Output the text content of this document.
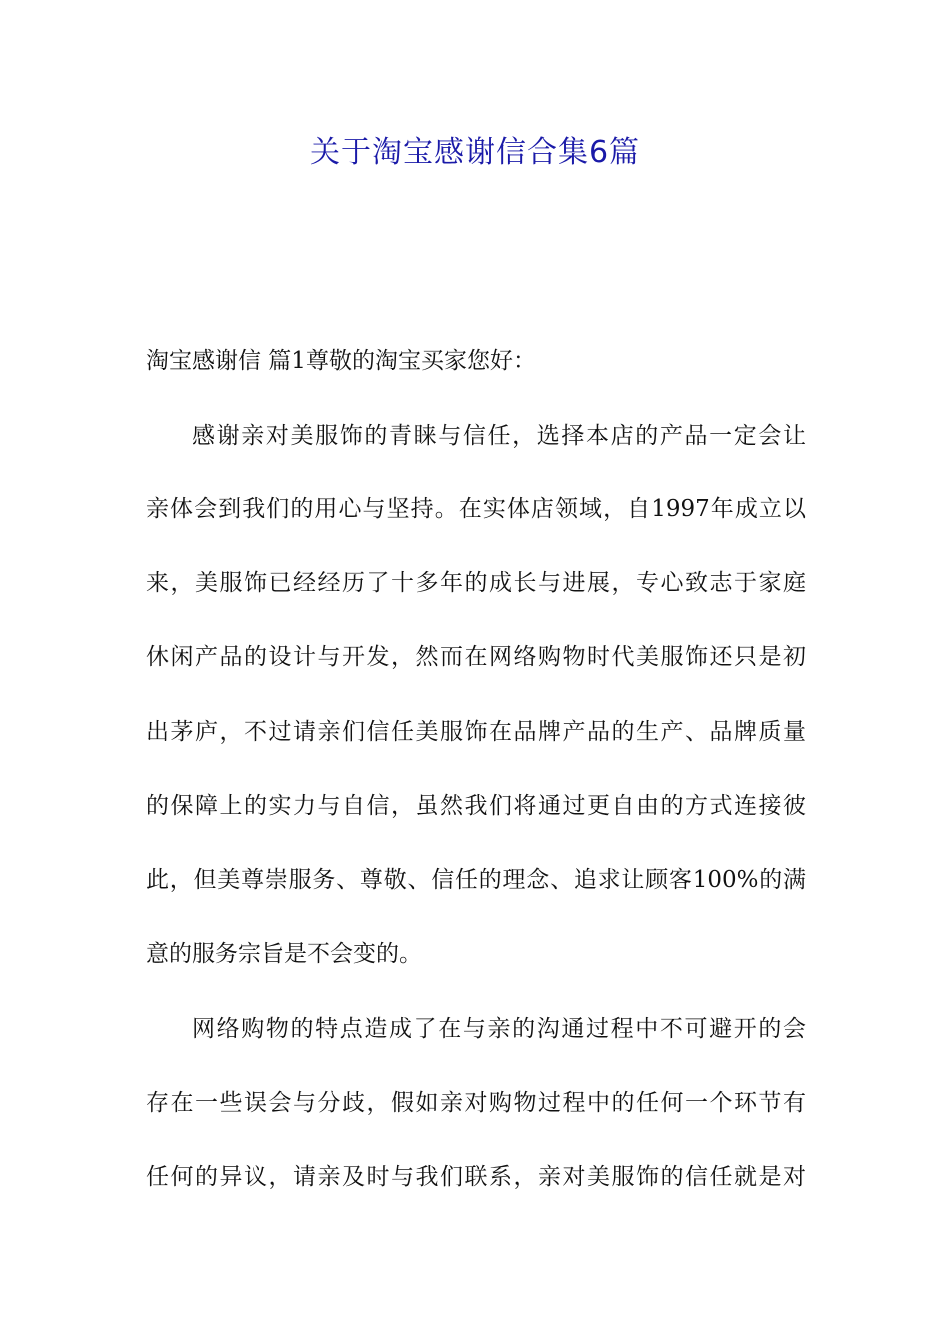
关于淘宝感谢信合集6篇
淘宝感谢信 篇1尊敬的淘宝买家您好：
感谢亲对美服饰的青睐与信任，选择本店的产品一定会让
亲体会到我们的用心与坚持。在实体店领域，自1997年成立以
来，美服饰已经经历了十多年的成长与进展，专心致志于家庭
休闲产品的设计与开发，然而在网络购物时代美服饰还只是初
出茅庐，不过请亲们信任美服饰在品牌产品的生产、品牌质量
的保障上的实力与自信，虽然我们将通过更自由的方式连接彼
此，但美尊崇服务、尊敬、信任的理念、追求让顾客100%的满
意的服务宗旨是不会变的。
网络购物的特点造成了在与亲的沟通过程中不可避开的会
存在一些误会与分歧，假如亲对购物过程中的任何一个环节有
任何的异议，请亲及时与我们联系，亲对美服饰的信任就是对
